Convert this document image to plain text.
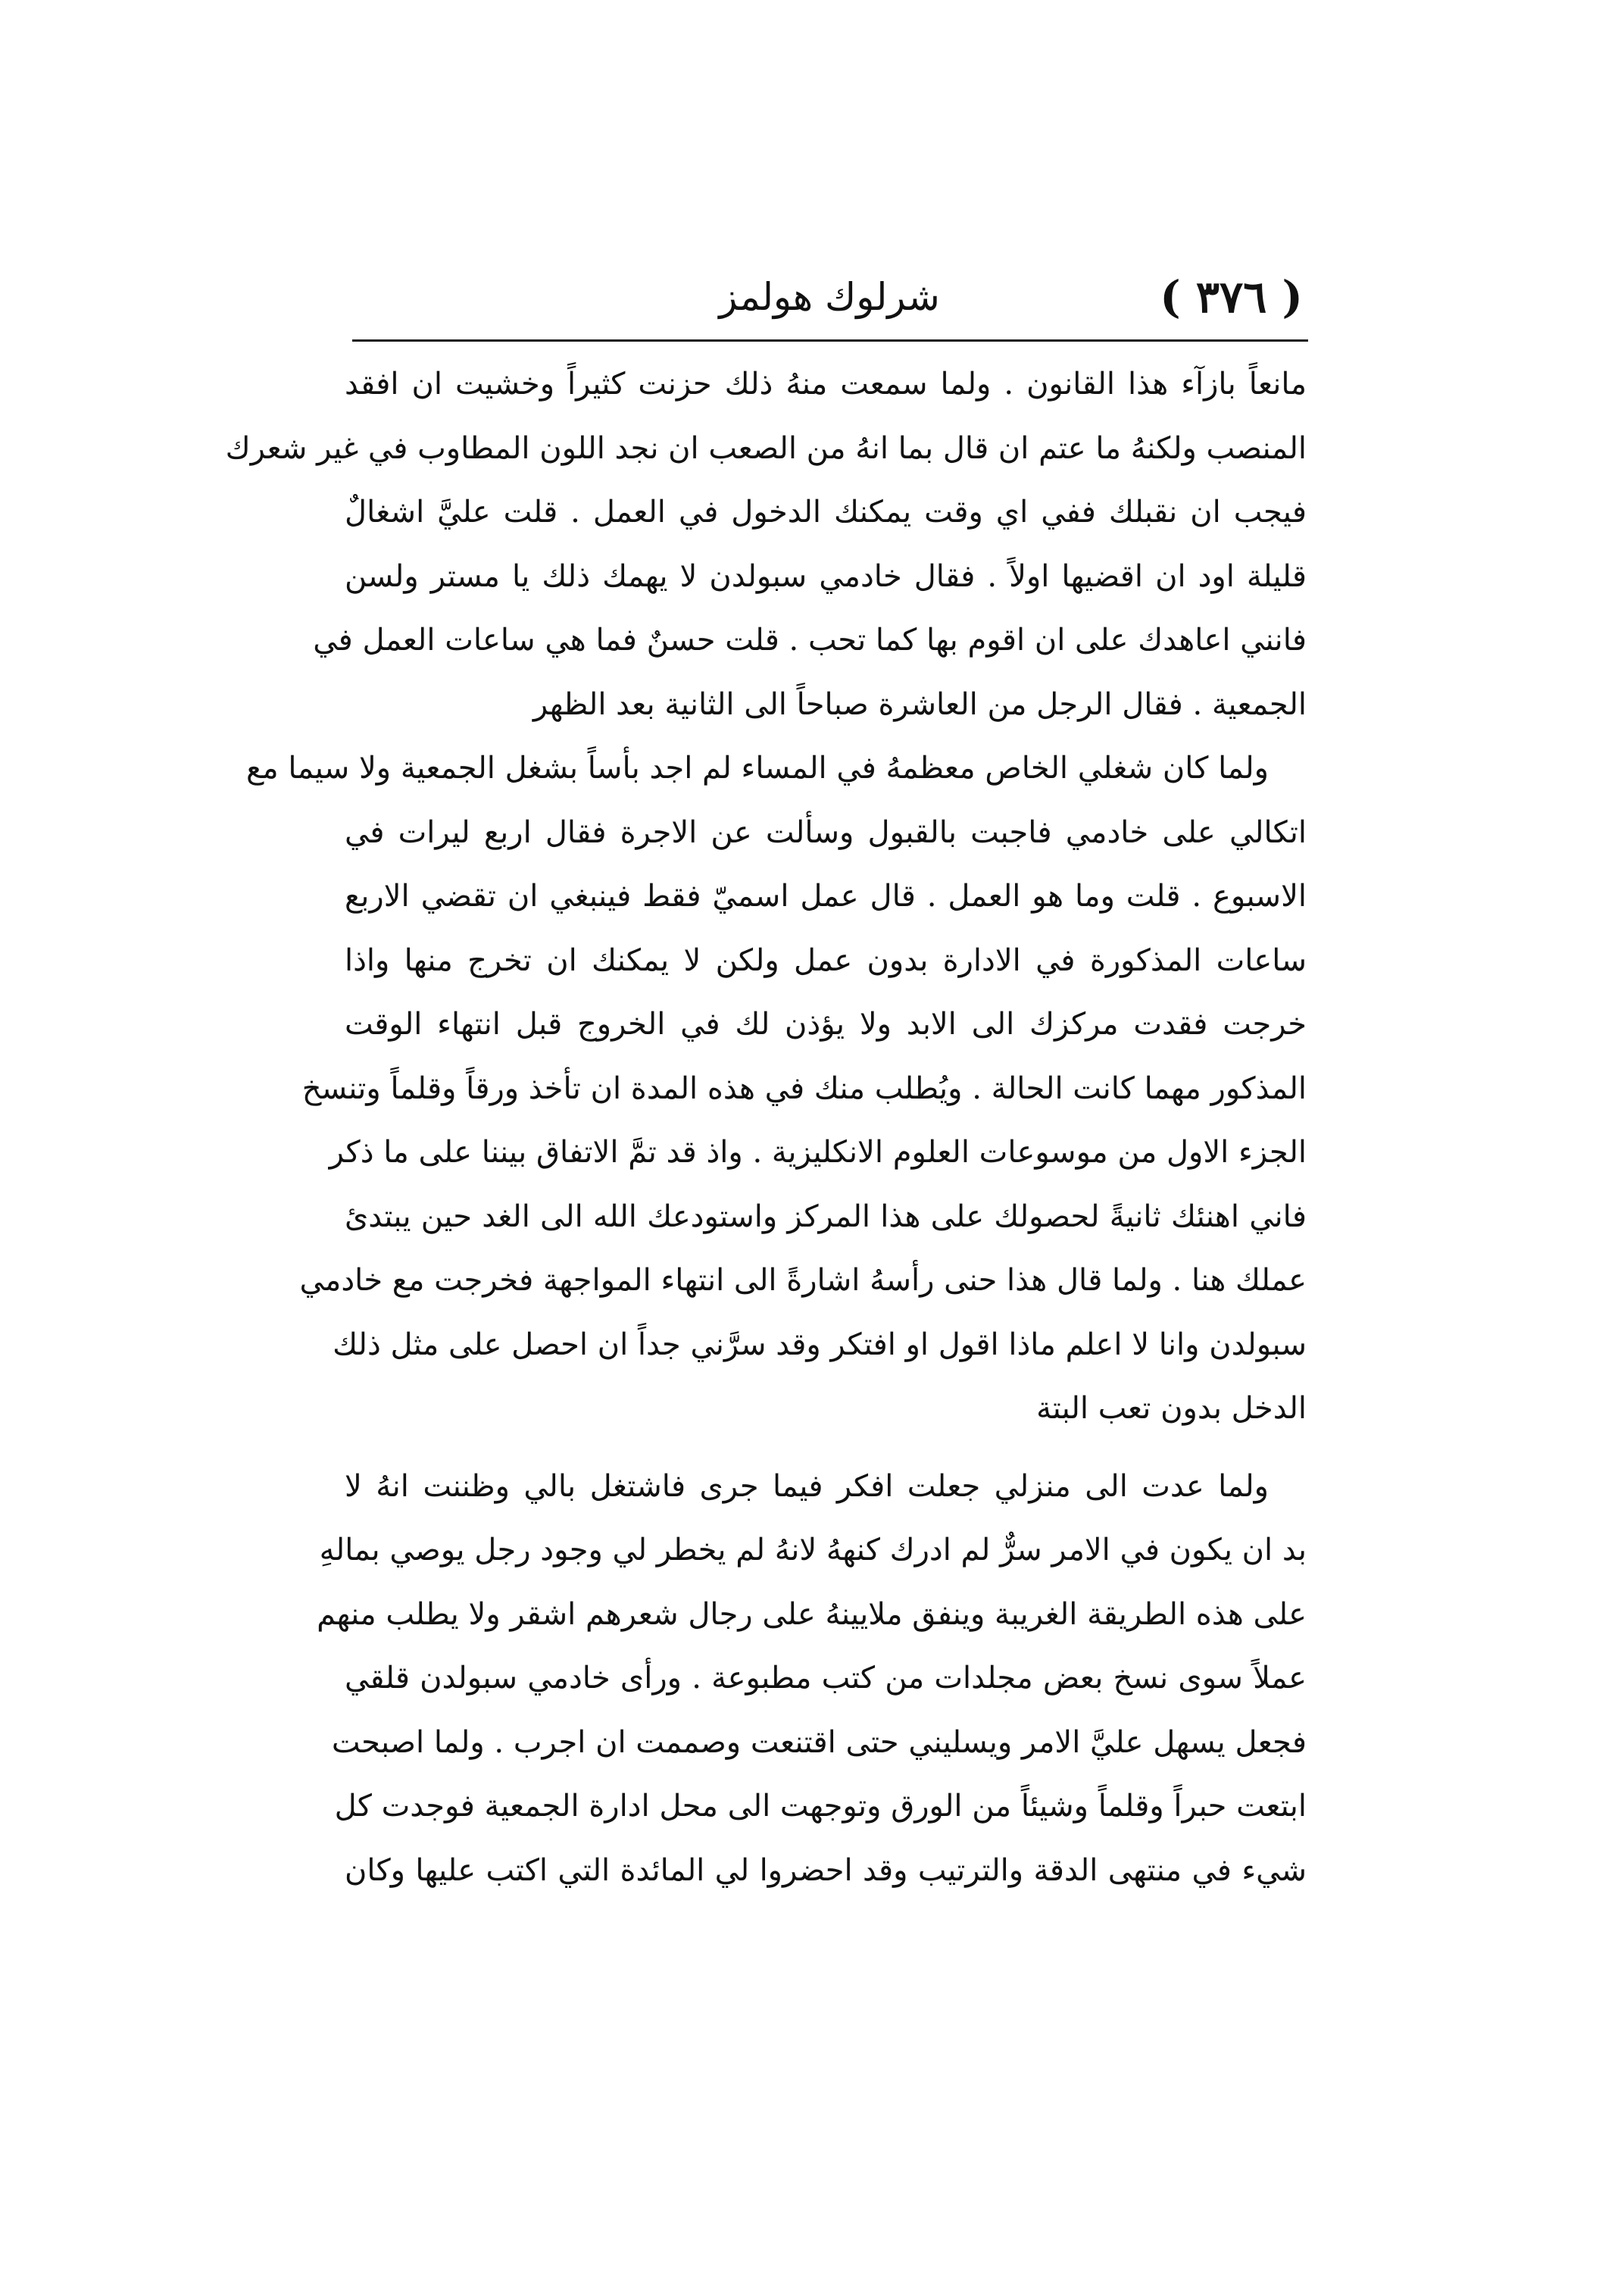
( ٣٧٦ )
شرلوك هولمز
مانعاً بازآء هذا القانون . ولما سمعت منهُ ذلك حزنت كثيراً وخشيت ان افقد
المنصب ولكنهُ ما عتم ان قال بما انهُ من الصعب ان نجد اللون المطاوب في غير شعرك
فيجب ان نقبلك ففي اي وقت يمكنك الدخول في العمل . قلت عليَّ اشغالٌ
قليلة اود ان اقضيها اولاً . فقال خادمي سبولدن لا يهمك ذلك يا مستر ولسن
فانني اعاهدك على ان اقوم بها كما تحب . قلت حسنٌ فما هي ساعات العمل في
الجمعية . فقال الرجل من العاشرة صباحاً الى الثانية بعد الظهر
ولما كان شغلي الخاص معظمهُ في المساء لم اجد بأساً بشغل الجمعية ولا سيما مع
اتكالي على خادمي فاجبت بالقبول وسألت عن الاجرة فقال اربع ليرات في
الاسبوع . قلت وما هو العمل . قال عمل اسميّ فقط فينبغي ان تقضي الاربع
ساعات المذكورة في الادارة بدون عمل ولكن لا يمكنك ان تخرج منها واذا
خرجت فقدت مركزك الى الابد ولا يؤذن لك في الخروج قبل انتهاء الوقت
المذكور مهما كانت الحالة . ويُطلب منك في هذه المدة ان تأخذ ورقاً وقلماً وتنسخ
الجزء الاول من موسوعات العلوم الانكليزية . واذ قد تمَّ الاتفاق بيننا على ما ذكر
فاني اهنئك ثانيةً لحصولك على هذا المركز واستودعك الله الى الغد حين يبتدئ
عملك هنا . ولما قال هذا حنى رأسهُ اشارةً الى انتهاء المواجهة فخرجت مع خادمي
سبولدن وانا لا اعلم ماذا اقول او افتكر وقد سرَّني جداً ان احصل على مثل ذلك
الدخل بدون تعب البتة
ولما عدت الى منزلي جعلت افكر فيما جرى فاشتغل بالي وظننت انهُ لا
بد ان يكون في الامر سرٌّ لم ادرك كنههُ لانهُ لم يخطر لي وجود رجل يوصي بمالهِ
على هذه الطريقة الغريبة وينفق ملايينهُ على رجال شعرهم اشقر ولا يطلب منهم
عملاً سوى نسخ بعض مجلدات من كتب مطبوعة . ورأى خادمي سبولدن قلقي
فجعل يسهل عليَّ الامر ويسليني حتى اقتنعت وصممت ان اجرب . ولما اصبحت
ابتعت حبراً وقلماً وشيئاً من الورق وتوجهت الى محل ادارة الجمعية فوجدت كل
شيء في منتهى الدقة والترتيب وقد احضروا لي المائدة التي اكتب عليها وكان
